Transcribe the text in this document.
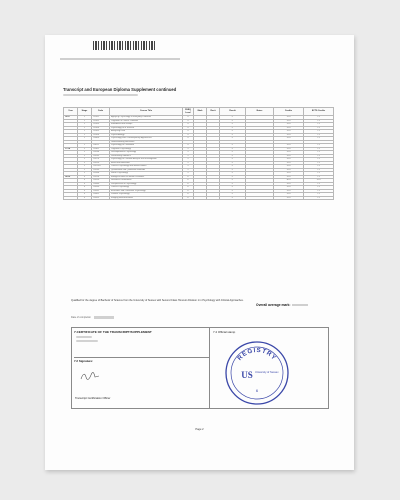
Transcript and European Diploma Supplement continued
Year	Stage	Code	Course Title	FHEQ Level	Mark	Resit	Result	Notes	Credits	ECTS Credits
16/17	1	C8101	Applying Psychology to Everyday Problems	4			P		15.0	7.5
	1	C8102	Cognition in Clinical Contexts	4			P		15.0	7.5
	1	C8103	Individuals and Groups	4			P		15.0	7.5
	1	C8104	Psychology as a Science	4			P		15.0	7.5
	1	C8105	Analysing Data	4			P		15.0	7.5
	1	C8106	Psychobiology	4			P		15.0	7.5
	1	C8400	Psychology from Contemporary Approaches	4			P		15.0	7.5
			Understanding Behaviour							
	1	C8611	Psychology of Childhood	4			P		15.0	7.5
17/18	2	C8301	Cognitive Psychology	5			P		15.0	7.5
	2	C8548	Developmental Psychology	5			P		15.0	7.5
	2	C8549	Discovering Statistics	5			P		15.0	7.5
	2	C8576	Psychology of Criminal Analysis and Investigation	5			P		15.0	7.5
	2	C8550	Brain and Behaviour	5			P		15.0	7.5
	2	C8513R	Clinical Psychology and Mental Health	5			P		15.0	7.5
	2	C8540	Quantitative and Qualitative Methods	5			P		15.0	7.5
	2	C8338	Social Psychology	5			P		15.0	7.5
18/19	3	C8558	Biological Basis of Mental Disorders	6			P		15.0	7.5
	3	C8550	Research Dissertation	6			P		30.0	15.0
	3	C8480	Perspectives in Psychology	6			P		15.0	7.5
	3	C8490	Clinical Psychology	6			P		15.0	7.5
	3	C8492	Economic and Consumer Psychology	6			P		15.0	7.5
	3	C8402	Positive Psychology	6			P		15.0	7.5
	3	C8509	Imaging Mind and Brain	6			P		15.0	7.5
Qualified for the degree of Bachelor of Science from the University of Sussex with Second Class Honours Division 1 in Psychology with Clinical Approaches.
Overall average mark:
Date of completion
7.CERTIFICATE OF THE TRANSCRIPT/SUPPLEMENT
7.2 Signature:
Transcript Certification Officer
7.4 Official stamp
REGISTRY
US University of Sussex
6
Page 2
